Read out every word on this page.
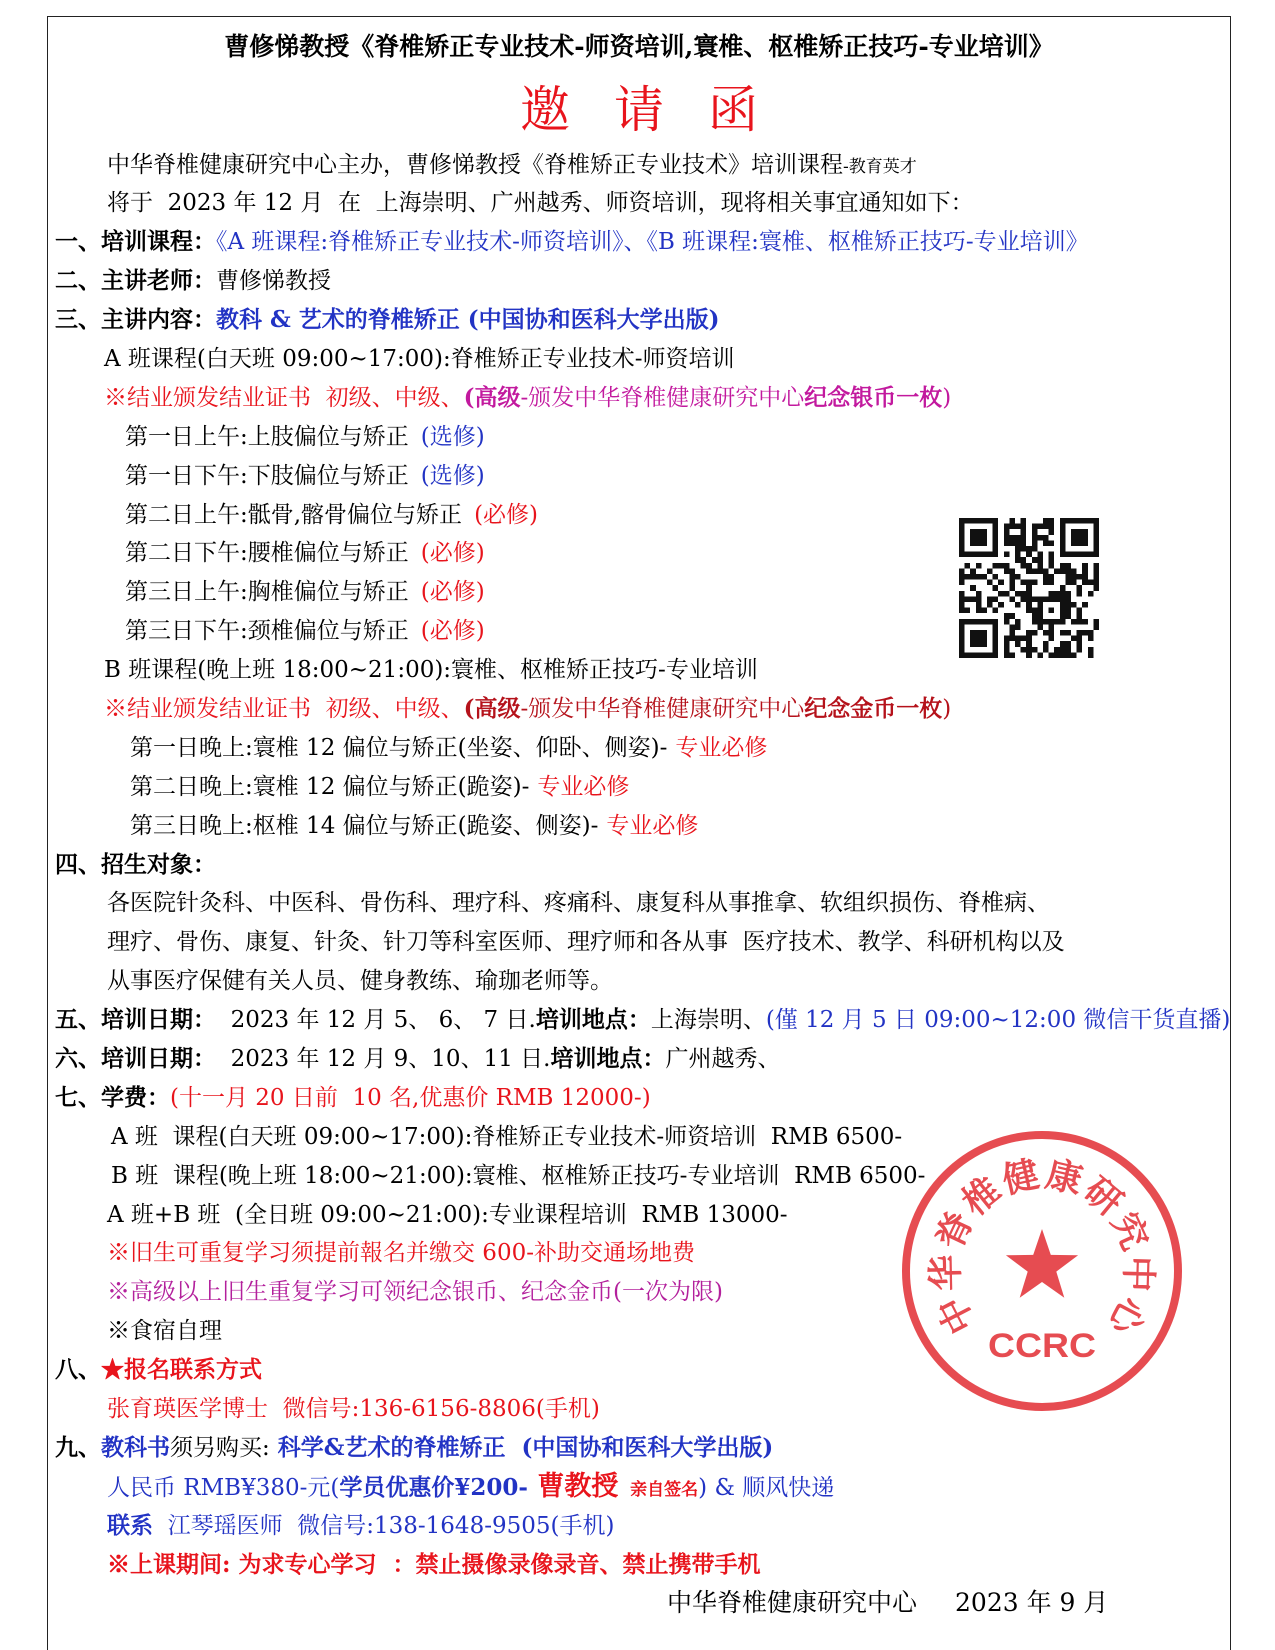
曹修悌教授《脊椎矫正专业技术-师资培训,寰椎、枢椎矫正技巧-专业培训》
邀请函
中华脊椎健康研究中心主办，曹修悌教授《脊椎矫正专业技术》培训课程-教育英才
将于  2023 年 12 月  在  上海崇明、广州越秀、师资培训，现将相关事宜通知如下：
一、培训课程：《A 班课程:脊椎矫正专业技术-师资培训》、《B 班课程:寰椎、枢椎矫正技巧-专业培训》
二、主讲老师：曹修悌教授
三、主讲内容：教科 & 艺术的脊椎矫正 (中国协和医科大学出版)
A 班课程(白天班 09:00~17:00):脊椎矫正专业技术-师资培训
※结业颁发结业证书  初级、中级、(高级-颁发中华脊椎健康研究中心纪念银币一枚)
第一日上午:上肢偏位与矫正 (选修)
第一日下午:下肢偏位与矫正 (选修)
第二日上午:骶骨,髂骨偏位与矫正 (必修)
第二日下午:腰椎偏位与矫正 (必修)
第三日上午:胸椎偏位与矫正 (必修)
第三日下午:颈椎偏位与矫正 (必修)
B 班课程(晚上班 18:00~21:00):寰椎、枢椎矫正技巧-专业培训
※结业颁发结业证书  初级、中级、(高级-颁发中华脊椎健康研究中心纪念金币一枚)
第一日晚上:寰椎 12 偏位与矫正(坐姿、仰卧、侧姿)- 专业必修
第二日晚上:寰椎 12 偏位与矫正(跪姿)- 专业必修
第三日晚上:枢椎 14 偏位与矫正(跪姿、侧姿)- 专业必修
四、招生对象：
各医院针灸科、中医科、骨伤科、理疗科、疼痛科、康复科从事推拿、软组织损伤、脊椎病、
理疗、骨伤、康复、针灸、针刀等科室医师、理疗师和各从事  医疗技术、教学、科研机构以及
从事医疗保健有关人员、健身教练、瑜珈老师等。
五、培训日期：  2023 年 12 月 5、 6、 7 日.培训地点：上海崇明、(僅 12 月 5 日 09:00~12:00 微信干货直播)
六、培训日期：  2023 年 12 月 9、10、11 日.培训地点：广州越秀、
七、学费：(十一月 20 日前  10 名,优惠价 RMB 12000-)
A 班  课程(白天班 09:00~17:00):脊椎矫正专业技术-师资培训  RMB 6500-
B 班  课程(晚上班 18:00~21:00):寰椎、枢椎矫正技巧-专业培训  RMB 6500-
A 班+B 班  (全日班 09:00~21:00):专业课程培训  RMB 13000-
※旧生可重复学习须提前報名并缴交 600-补助交通场地费
※高级以上旧生重复学习可领纪念银币、纪念金币(一次为限)
※食宿自理
八、★报名联系方式
张育瑛医学博士  微信号:136-6156-8806(手机)
九、教科书须另购买: 科学&艺术的脊椎矫正  (中国协和医科大学出版)
人民币 RMB¥380-元(学员优惠价¥200- 曹教授  亲自签名) & 顺风快递
联系  江琴瑶医师  微信号:138-1648-9505(手机)
※上课期间: 为求专心学习  ：禁止摄像录像录音、禁止携带手机
中华脊椎健康研究中心 2023 年 9 月
中华脊椎健康研究中心
CCRC
